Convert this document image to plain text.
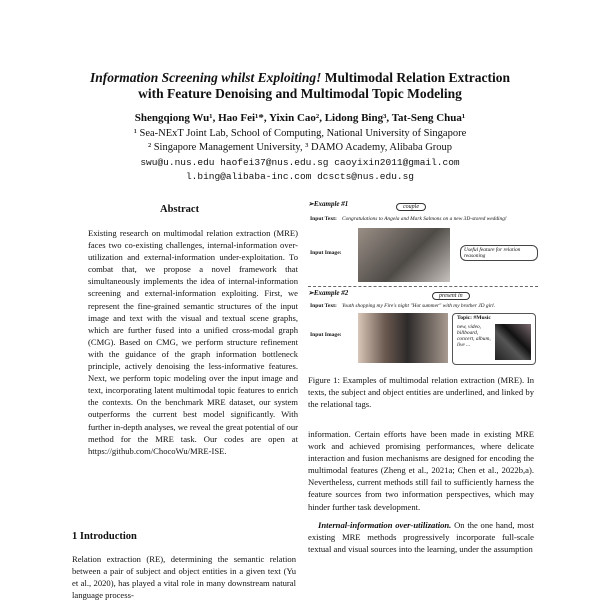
Information Screening whilst Exploiting! Multimodal Relation Extraction
with Feature Denoising and Multimodal Topic Modeling
Shengqiong Wu¹, Hao Fei¹*, Yixin Cao², Lidong Bing³, Tat-Seng Chua¹
¹ Sea-NExT Joint Lab, School of Computing, National University of Singapore
² Singapore Management University, ³ DAMO Academy, Alibaba Group
swu@u.nus.edu haofei37@nus.edu.sg caoyixin2011@gmail.com
l.bing@alibaba-inc.com dcscts@nus.edu.sg
Abstract
Existing research on multimodal relation extraction (MRE) faces two co-existing challenges, internal-information over-utilization and external-information under-exploitation. To combat that, we propose a novel framework that simultaneously implements the idea of internal-information screening and external-information exploiting. First, we represent the fine-grained semantic structures of the input image and text with the visual and textual scene graphs, which are further fused into a unified cross-modal graph (CMG). Based on CMG, we perform structure refinement with the guidance of the graph information bottleneck principle, actively denoising the less-informative features. Next, we perform topic modeling over the input image and text, incorporating latent multimodal topic features to enrich the contexts. On the benchmark MRE dataset, our system outperforms the current best model significantly. With further in-depth analyses, we reveal the great potential of our method for the MRE task. Our codes are open at https://github.com/ChocoWu/MRE-ISE.
1 Introduction
Relation extraction (RE), determining the semantic relation between a pair of subject and object entities in a given text (Yu et al., 2020), has played a vital role in many downstream natural language process-
➢Example #1	couple
Input Text: Congratulations to Angela and Mark Salmons on a new 3D-stored wedding!
Input Image:	Useful feature for relation reasoning
➢Example #2	present in
Input Text: Youth shopping my Fire's night "Hot summer" with my brother JD girl.
Input Image:
Topic: #Music
new, video, billboard, concert, album, live ...
Figure 1: Examples of multimodal relation extraction (MRE). In texts, the subject and object entities are underlined, and linked by the relational tags.
information. Certain efforts have been made in existing MRE work and achieved promising performances, where delicate interaction and fusion mechanisms are designed for encoding the multimodal features (Zheng et al., 2021a; Chen et al., 2022b,a). Nevertheless, current methods still fail to sufficiently harness the feature sources from two information perspectives, which may hinder further task development.
Internal-information over-utilization. On the one hand, most existing MRE methods progressively incorporate full-scale textual and visual sources into the learning, under the assumption
